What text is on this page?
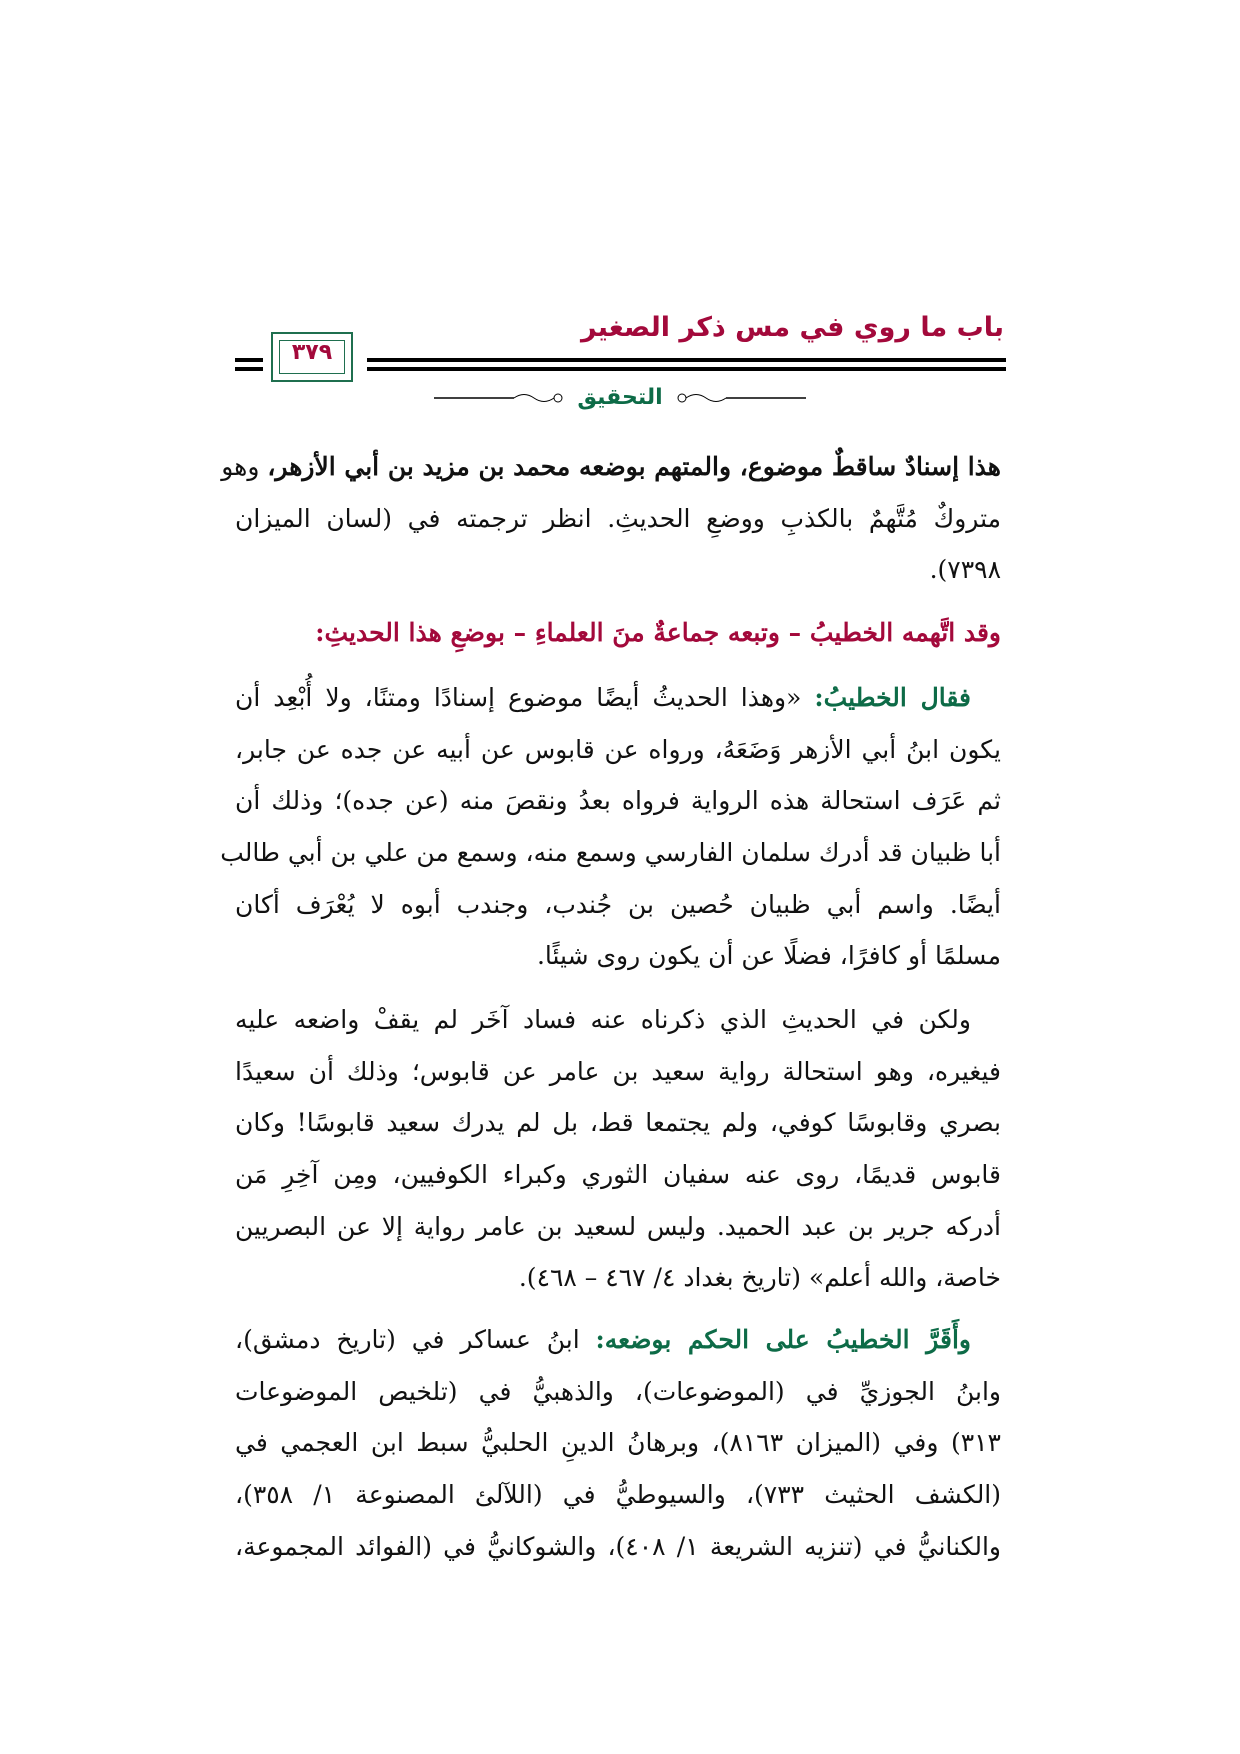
باب ما روي في مس ذكر الصغير
٣٧٩
التحقيق
هذا إسنادٌ ساقطٌ موضوع، والمتهم بوضعه محمد بن مزيد بن أبي الأزهر، وهو
متروكٌ مُتَّهمٌ بالكذبِ ووضعِ الحديثِ. انظر ترجمته في (لسان الميزان
٧٣٩٨).
وقد اتَّهمه الخطيبُ – وتبعه جماعةٌ منَ العلماءِ – بوضعِ هذا الحديثِ:
فقال الخطيبُ: «وهذا الحديثُ أيضًا موضوع إسنادًا ومتنًا، ولا أُبْعِد أن
يكون ابنُ أبي الأزهر وَضَعَهُ، ورواه عن قابوس عن أبيه عن جده عن جابر،
ثم عَرَف استحالة هذه الرواية فرواه بعدُ ونقصَ منه (عن جده)؛ وذلك أن
أبا ظبيان قد أدرك سلمان الفارسي وسمع منه، وسمع من علي بن أبي طالب
أيضًا. واسم أبي ظبيان حُصين بن جُندب، وجندب أبوه لا يُعْرَف أكان
مسلمًا أو كافرًا، فضلًا عن أن يكون روى شيئًا.
ولكن في الحديثِ الذي ذكرناه عنه فساد آخَر لم يقفْ واضعه عليه
فيغيره، وهو استحالة رواية سعيد بن عامر عن قابوس؛ وذلك أن سعيدًا
بصري وقابوسًا كوفي، ولم يجتمعا قط، بل لم يدرك سعيد قابوسًا! وكان
قابوس قديمًا، روى عنه سفيان الثوري وكبراء الكوفيين، ومِن آخِرِ مَن
أدركه جرير بن عبد الحميد. وليس لسعيد بن عامر رواية إلا عن البصريين
خاصة، والله أعلم» (تاريخ بغداد ٤/ ٤٦٧ – ٤٦٨).
وأَقَرَّ الخطيبُ على الحكم بوضعه: ابنُ عساكر في (تاريخ دمشق)،
وابنُ الجوزيِّ في (الموضوعات)، والذهبيُّ في (تلخيص الموضوعات
٣١٣) وفي (الميزان ٨١٦٣)، وبرهانُ الدينِ الحلبيُّ سبط ابن العجمي في
(الكشف الحثيث ٧٣٣)، والسيوطيُّ في (اللآلئ المصنوعة ١/ ٣٥٨)،
والكنانيُّ في (تنزيه الشريعة ١/ ٤٠٨)، والشوكانيُّ في (الفوائد المجموعة،
